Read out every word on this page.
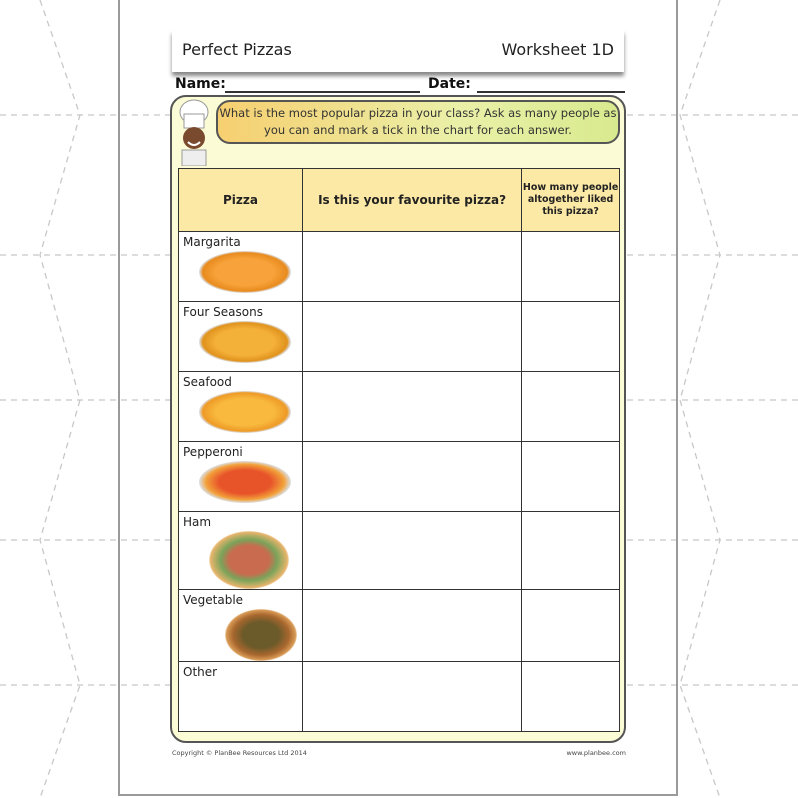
Perfect Pizzas	Worksheet 1D
Name:	Date:
What is the most popular pizza in your class? Ask as many people as you can and mark a tick in the chart for each answer.
Pizza	Is this your favourite pizza?	How many people altogether liked this pizza?

Margarita		

Four Seasons		

Seafood		

Pepperoni		

Ham		

Vegetable		

Other		

Copyright © PlanBee Resources Ltd 2014	www.planbee.com
